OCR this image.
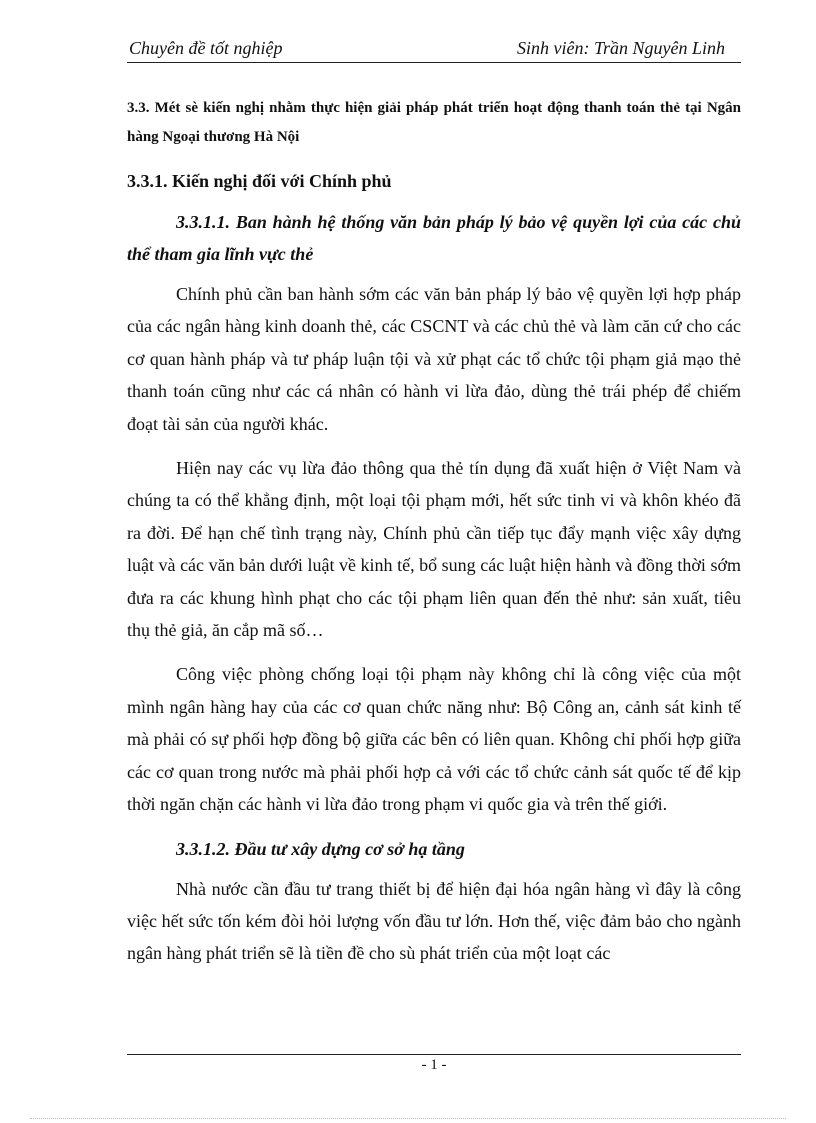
Chuyên đề tốt nghiệp	Sinh viên: Trần Nguyên Linh

3.3. Mét sè kiến nghị nhằm thực hiện giải pháp phát triển hoạt động thanh toán thẻ tại Ngân hàng Ngoại thương Hà Nội

3.3.1. Kiến nghị đối với Chính phủ

3.3.1.1. Ban hành hệ thống văn bản pháp lý bảo vệ quyền lợi của các chủ thể tham gia lĩnh vực thẻ

Chính phủ cần ban hành sớm các văn bản pháp lý bảo vệ quyền lợi hợp pháp của các ngân hàng kinh doanh thẻ, các CSCNT và các chủ thẻ và làm căn cứ cho các cơ quan hành pháp và tư pháp luận tội và xử phạt các tổ chức tội phạm giả mạo thẻ thanh toán cũng như các cá nhân có hành vi lừa đảo, dùng thẻ trái phép để chiếm đoạt tài sản của người khác.

Hiện nay các vụ lừa đảo thông qua thẻ tín dụng đã xuất hiện ở Việt Nam và chúng ta có thể khẳng định, một loại tội phạm mới, hết sức tinh vi và khôn khéo đã ra đời. Để hạn chế tình trạng này, Chính phủ cần tiếp tục đẩy mạnh việc xây dựng luật và các văn bản dưới luật về kinh tế, bổ sung các luật hiện hành và đồng thời sớm đưa ra các khung hình phạt cho các tội phạm liên quan đến thẻ như: sản xuất, tiêu thụ thẻ giả, ăn cắp mã số…

Công việc phòng chống loại tội phạm này không chỉ là công việc của một mình ngân hàng hay của các cơ quan chức năng như: Bộ Công an, cảnh sát kinh tế mà phải có sự phối hợp đồng bộ giữa các bên có liên quan. Không chỉ phối hợp giữa các cơ quan trong nước mà phải phối hợp cả với các tổ chức cảnh sát quốc tế để kịp thời ngăn chặn các hành vi lừa đảo trong phạm vi quốc gia và trên thế giới.

3.3.1.2. Đầu tư xây dựng cơ sở hạ tầng

Nhà nước cần đầu tư trang thiết bị để hiện đại hóa ngân hàng vì đây là công việc hết sức tốn kém đòi hỏi lượng vốn đầu tư lớn. Hơn thế, việc đảm bảo cho ngành ngân hàng phát triển sẽ là tiền đề cho sù phát triển của một loạt các

- 1 -
